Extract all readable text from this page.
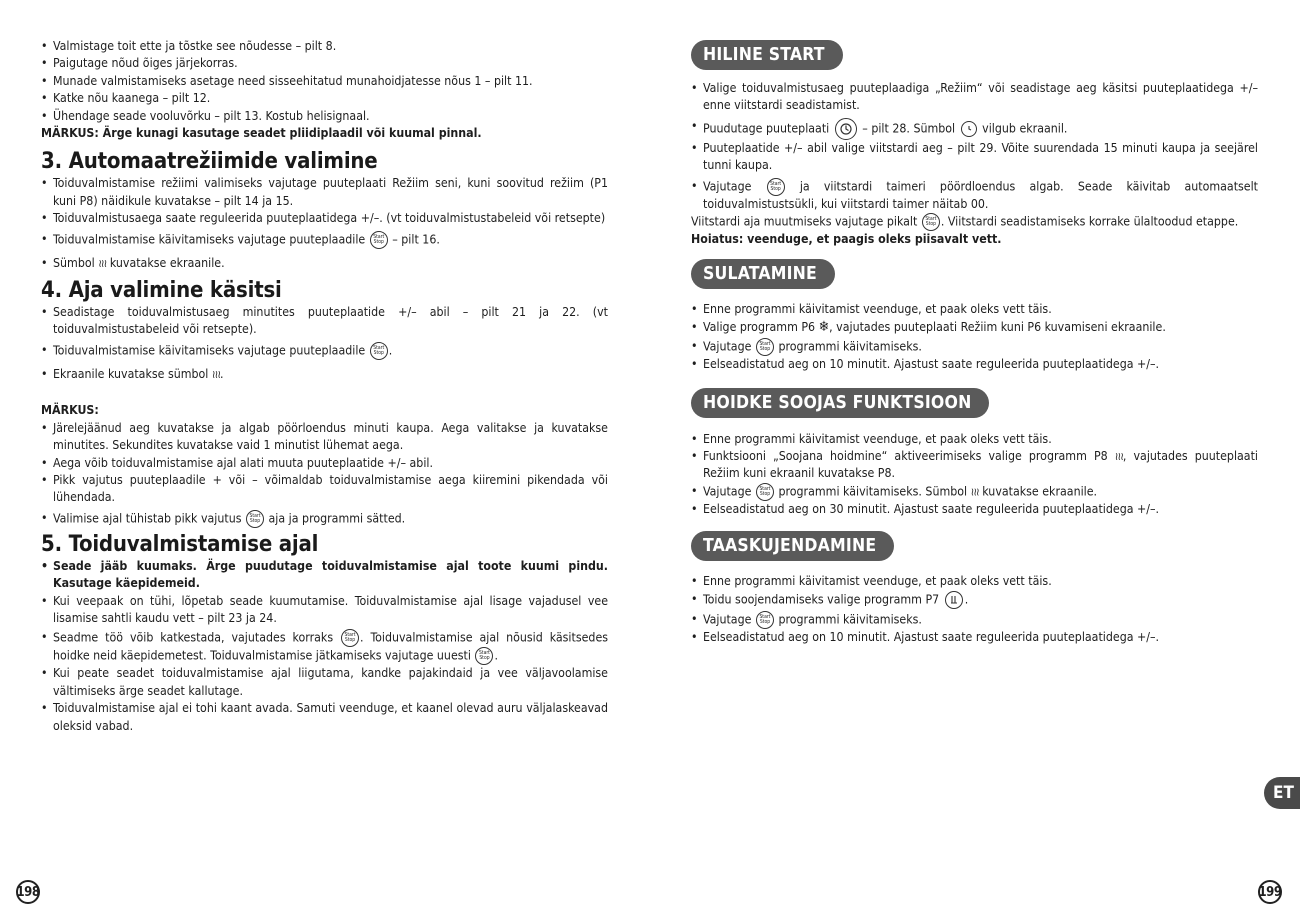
• Valmistage toit ette ja tõstke see nõudesse – pilt 8.

• Paigutage nõud õiges järjekorras.

• Munade valmistamiseks asetage need sisseehitatud munahoidjatesse nõus 1 – pilt 11.

• Katke nõu kaanega – pilt 12.

• Ühendage seade vooluvõrku – pilt 13. Kostub helisignaal.

MÄRKUS: Ärge kunagi kasutage seadet pliidiplaadil või kuumal pinnal.

3. Automaatrežiimide valimine

• Toiduvalmistamise režiimi valimiseks vajutage puuteplaati Režiim seni, kuni soovitud režiim (P1 kuni P8) näidikule kuvatakse – pilt 14 ja 15.

• Toiduvalmistusaega saate reguleerida puuteplaatidega +/–. (vt toiduvalmistustabeleid või retsepte)

• Toiduvalmistamise käivitamiseks vajutage puuteplaadile Start
Stop – pilt 16.

• Sümbol ≀≀≀ kuvatakse ekraanile.

4. Aja valimine käsitsi

• Seadistage toiduvalmistusaeg minutites puuteplaatide +/– abil – pilt 21 ja 22. (vt toiduvalmistustabeleid või retsepte).

• Toiduvalmistamise käivitamiseks vajutage puuteplaadile Start
Stop .

• Ekraanile kuvatakse sümbol ≀≀≀.

MÄRKUS:

• Järelejäänud aeg kuvatakse ja algab pöörloendus minuti kaupa. Aega valitakse ja kuvatakse minutites. Sekundites kuvatakse vaid 1 minutist lühemat aega.

• Aega võib toiduvalmistamise ajal alati muuta puuteplaatide +/– abil.

• Pikk vajutus puuteplaadile + või – võimaldab toiduvalmistamise aega kiiremini pikendada või lühendada.

• Valimise ajal tühistab pikk vajutus Start
Stop aja ja programmi sätted.

5. Toiduvalmistamise ajal

• Seade jääb kuumaks. Ärge puudutage toiduvalmistamise ajal toote kuumi pindu. Kasutage käepidemeid.

• Kui veepaak on tühi, lõpetab seade kuumutamise. Toiduvalmistamise ajal lisage vajadusel vee lisamise sahtli kaudu vett – pilt 23 ja 24.

• Seadme töö võib katkestada, vajutades korraks Start
Stop . Toiduvalmistamise ajal nõusid käsitsedes hoidke neid käepidemetest. Toiduvalmistamise jätkamiseks vajutage uuesti Start
Stop .

• Kui peate seadet toiduvalmistamise ajal liigutama, kandke pajakindaid ja vee väljavoolamise vältimiseks ärge seadet kallutage.

• Toiduvalmistamise ajal ei tohi kaant avada. Samuti veenduge, et kaanel olevad auru väljalaskeavad oleksid vabad.

HILINE START

• Valige toiduvalmistusaeg puuteplaadiga „Režiim“ või seadistage aeg käsitsi puuteplaatidega +/– enne viitstardi seadistamist.

• Puudutage puuteplaati	– pilt 28. Sümbol vilgub ekraanil.

• Puuteplaatide +/– abil valige viitstardi aeg – pilt 29. Võite suurendada 15 minuti kaupa ja seejärel tunni kaupa.

• Vajutage	Start
Stop ja viitstardi taimeri pöördloendus algab. Seade käivitab automaatselt toiduvalmistustsükli, kui viitstardi taimer näitab 00.

Viitstardi aja muutmiseks vajutage pikalt Start
Stop . Viitstardi seadistamiseks korrake ülaltoodud etappe.

Hoiatus: veenduge, et paagis oleks piisavalt vett.

SULATAMINE

• Enne programmi käivitamist veenduge, et paak oleks vett täis.

• Valige programm P6 ❄, vajutades puuteplaati Režiim kuni P6 kuvamiseni ekraanile.

• Vajutage Start
Stop programmi käivitamiseks.

• Eelseadistatud aeg on 10 minutit. Ajastust saate reguleerida puuteplaatidega +/–.

HOIDKE SOOJAS FUNKTSIOON

• Enne programmi käivitamist veenduge, et paak oleks vett täis.

• Funktsiooni „Soojana hoidmine“ aktiveerimiseks valige programm P8 ≀≀≀, vajutades puuteplaati Režiim kuni ekraanil kuvatakse P8.

• Vajutage Start
Stop programmi käivitamiseks. Sümbol ≀≀≀ kuvatakse ekraanile.

• Eelseadistatud aeg on 30 minutit. Ajastust saate reguleerida puuteplaatidega +/–.

TAASKUJENDAMINE

• Enne programmi käivitamist veenduge, et paak oleks vett täis.

• Toidu soojendamiseks valige programm P7 .

• Vajutage Start
Stop programmi käivitamiseks.

• Eelseadistatud aeg on 10 minutit. Ajastust saate reguleerida puuteplaatidega +/–.

ET
198	199
